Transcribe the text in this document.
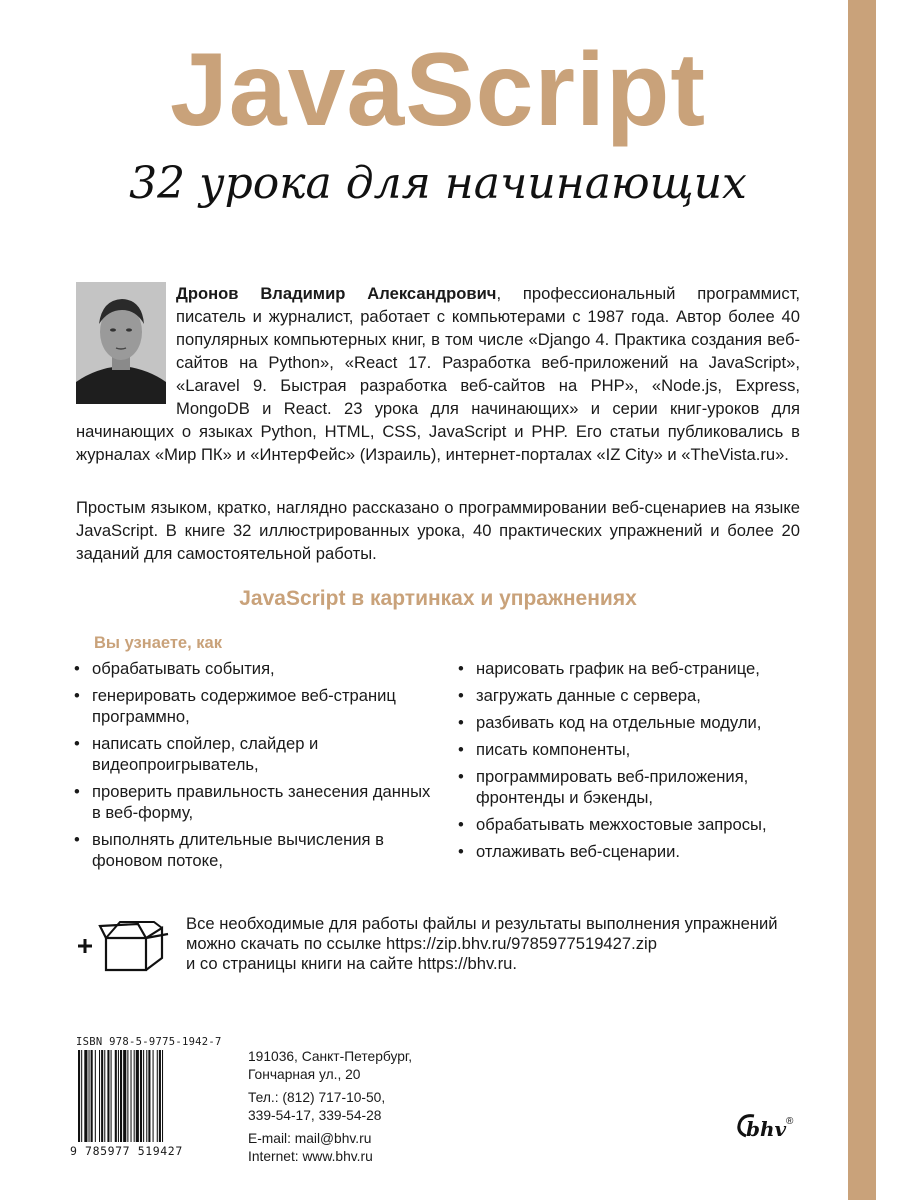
JavaScript
32 урока для начинающих

Дронов Владимир Александрович, профессиональный программист, писатель и журналист, работает с компьютерами с 1987 года. Автор более 40 популярных компьютерных книг, в том числе «Django 4. Практика создания веб-сайтов на Python», «React 17. Разработка веб-приложений на JavaScript», «Laravel 9. Быстрая разработка веб-сайтов на PHP», «Node.js, Express, MongoDB и React. 23 урока для начинающих» и серии книг-уроков для начинающих о языках Python, HTML, CSS, JavaScript и PHP. Его статьи публиковались в журналах «Мир ПК» и «ИнтерФейс» (Израиль), интернет-порталах «IZ City» и «TheVista.ru».

Простым языком, кратко, наглядно рассказано о программировании веб-сценариев на языке JavaScript. В книге 32 иллюстрированных урока, 40 практических упражнений и более 20 заданий для самостоятельной работы.

JavaScript в картинках и упражнениях
Вы узнаете, как
• обрабатывать события,
• генерировать содержимое веб-страниц программно,
• написать спойлер, слайдер и видеопроигрыватель,
• проверить правильность занесения данных в веб-форму,
• выполнять длительные вычисления в фоновом потоке,
• нарисовать график на веб-странице,
• загружать данные с сервера,
• разбивать код на отдельные модули,
• писать компоненты,
• программировать веб-приложения, фронтенды и бэкенды,
• обрабатывать межхостовые запросы,
• отлаживать веб-сценарии.

Все необходимые для работы файлы и результаты выполнения упражнений
можно скачать по ссылке https://zip.bhv.ru/9785977519427.zip
и со страницы книги на сайте https://bhv.ru.

ISBN 978-5-9775-1942-7
9 785977 519427
191036, Санкт-Петербург,
Гончарная ул., 20
Тел.: (812) 717-10-50,
339-54-17, 339-54-28
E-mail: mail@bhv.ru
Internet: www.bhv.ru
bhv ®
